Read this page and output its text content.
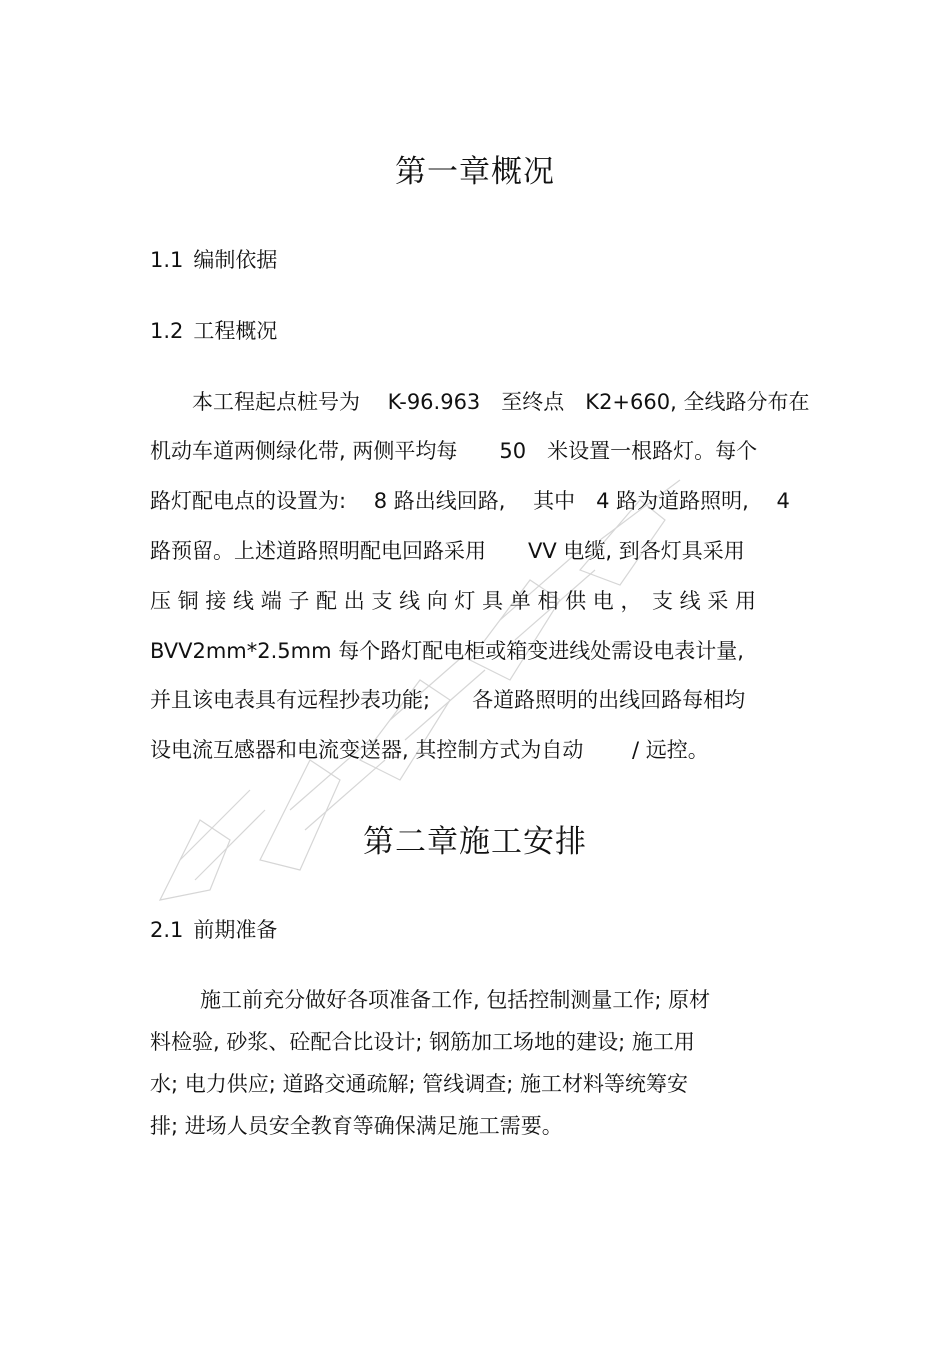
第一章概况
1.1 编制依据
1.2 工程概况

本工程起点桩号为　 K-96.963　至终点　K2+660, 全线路分布在

机动车道两侧绿化带, 两侧平均每　　50　米设置一根路灯。每个

路灯配电点的设置为:　 8 路出线回路,　 其中　4 路为道路照明,　 4

路预留。上述道路照明配电回路采用　　VV 电缆, 到各灯具采用

压 铜 接 线 端 子 配 出 支 线 向 灯 具 单 相 供 电 ，　支 线 采 用

BVV2mm*2.5mm 每个路灯配电柜或箱变进线处需设电表计量,

并且该电表具有远程抄表功能;　　各道路照明的出线回路每相均

设电流互感器和电流变送器, 其控制方式为自动　　 / 远控。

第二章施工安排
2.1 前期准备

施工前充分做好各项准备工作, 包括控制测量工作; 原材

料检验, 砂浆、砼配合比设计; 钢筋加工场地的建设; 施工用

水; 电力供应; 道路交通疏解; 管线调查; 施工材料等统筹安

排; 进场人员安全教育等确保满足施工需要。
